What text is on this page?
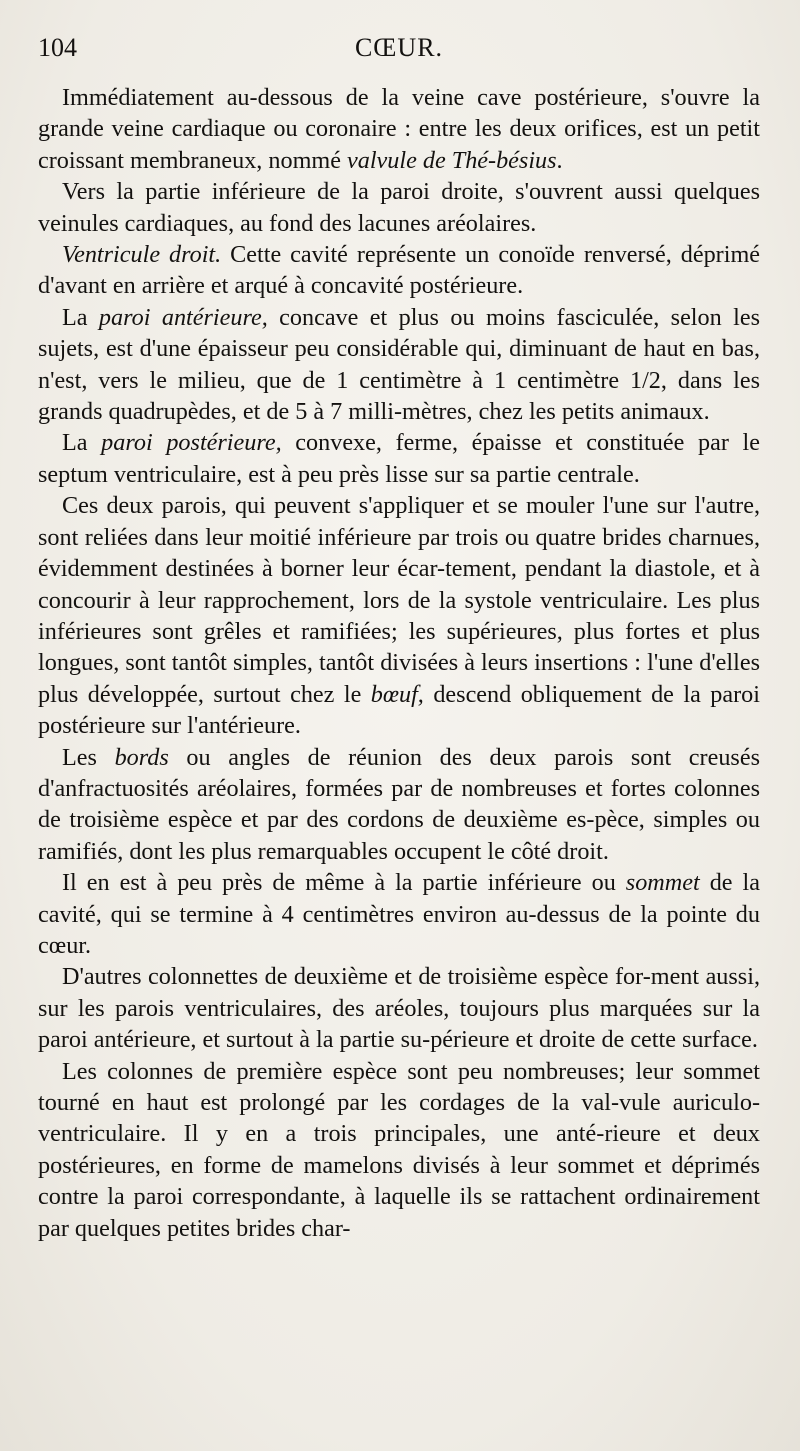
104	CŒUR.

Immédiatement au-dessous de la veine cave postérieure, s'ouvre la grande veine cardiaque ou coronaire : entre les deux orifices, est un petit croissant membraneux, nommé valvule de Thé-bésius.

Vers la partie inférieure de la paroi droite, s'ouvrent aussi quelques veinules cardiaques, au fond des lacunes aréolaires.

Ventricule droit. Cette cavité représente un conoïde renversé, déprimé d'avant en arrière et arqué à concavité postérieure.

La paroi antérieure, concave et plus ou moins fasciculée, selon les sujets, est d'une épaisseur peu considérable qui, diminuant de haut en bas, n'est, vers le milieu, que de 1 centimètre à 1 centimètre 1/2, dans les grands quadrupèdes, et de 5 à 7 milli-mètres, chez les petits animaux.

La paroi postérieure, convexe, ferme, épaisse et constituée par le septum ventriculaire, est à peu près lisse sur sa partie centrale.

Ces deux parois, qui peuvent s'appliquer et se mouler l'une sur l'autre, sont reliées dans leur moitié inférieure par trois ou quatre brides charnues, évidemment destinées à borner leur écar-tement, pendant la diastole, et à concourir à leur rapprochement, lors de la systole ventriculaire. Les plus inférieures sont grêles et ramifiées; les supérieures, plus fortes et plus longues, sont tantôt simples, tantôt divisées à leurs insertions : l'une d'elles plus développée, surtout chez le bœuf, descend obliquement de la paroi postérieure sur l'antérieure.

Les bords ou angles de réunion des deux parois sont creusés d'anfractuosités aréolaires, formées par de nombreuses et fortes colonnes de troisième espèce et par des cordons de deuxième es-pèce, simples ou ramifiés, dont les plus remarquables occupent le côté droit.

Il en est à peu près de même à la partie inférieure ou sommet de la cavité, qui se termine à 4 centimètres environ au-dessus de la pointe du cœur.

D'autres colonnettes de deuxième et de troisième espèce for-ment aussi, sur les parois ventriculaires, des aréoles, toujours plus marquées sur la paroi antérieure, et surtout à la partie su-périeure et droite de cette surface.

Les colonnes de première espèce sont peu nombreuses; leur sommet tourné en haut est prolongé par les cordages de la val-vule auriculo-ventriculaire. Il y en a trois principales, une anté-rieure et deux postérieures, en forme de mamelons divisés à leur sommet et déprimés contre la paroi correspondante, à laquelle ils se rattachent ordinairement par quelques petites brides char-
